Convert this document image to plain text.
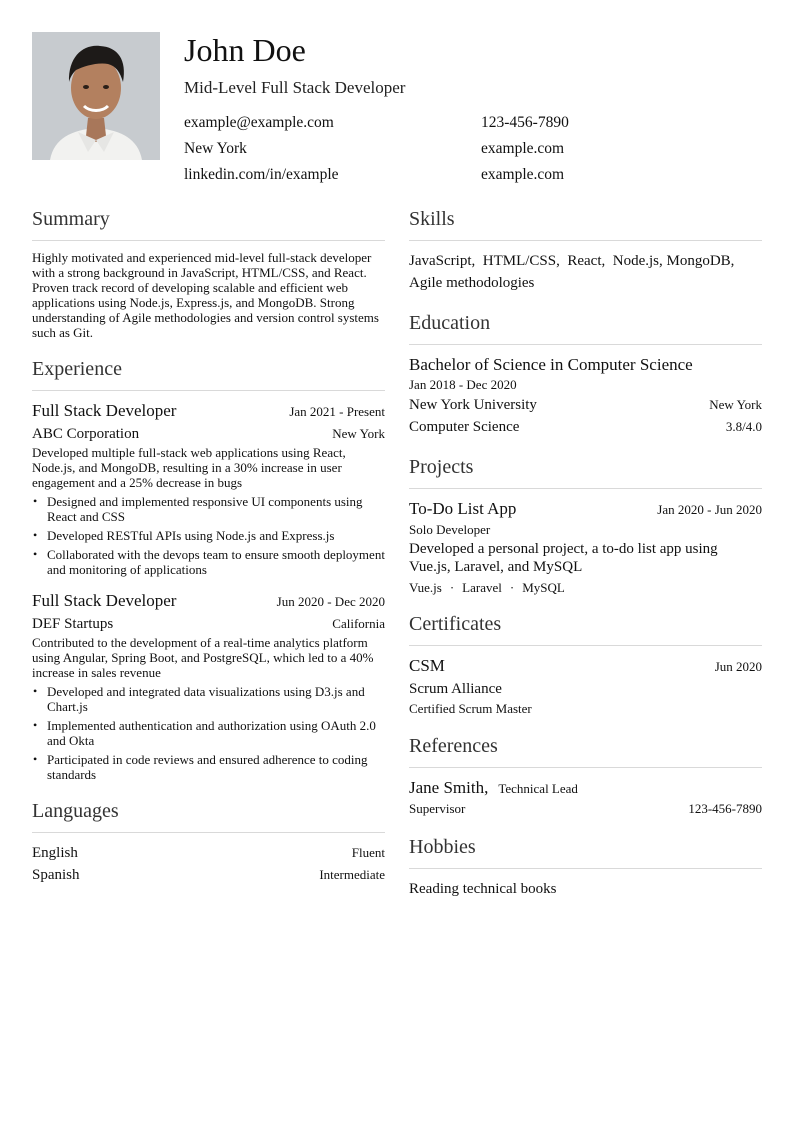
John Doe
Mid-Level Full Stack Developer
example@example.com	123-456-7890
New York	example.com
linkedin.com/in/example	example.com
Summary

Highly motivated and experienced mid-level full-stack developer with a strong background in JavaScript, HTML/CSS, and React. Proven track record of developing scalable and efficient web applications using Node.js, Express.js, and MongoDB. Strong understanding of Agile methodologies and version control systems such as Git.

Experience
Full Stack Developer	Jan 2021 - Present
ABC Corporation	New York

Developed multiple full-stack web applications using React, Node.js, and MongoDB, resulting in a 30% increase in user engagement and a 25% decrease in bugs

• Designed and implemented responsive UI components using React and CSS
• Developed RESTful APIs using Node.js and Express.js
• Collaborated with the devops team to ensure smooth deployment and monitoring of applications
Full Stack Developer	Jun 2020 - Dec 2020
DEF Startups	California

Contributed to the development of a real-time analytics platform using Angular, Spring Boot, and PostgreSQL, which led to a 40% increase in sales revenue

• Developed and integrated data visualizations using D3.js and Chart.js
• Implemented authentication and authorization using OAuth 2.0 and Okta
• Participated in code reviews and ensured adherence to coding standards
Languages
English	Fluent
Spanish	Intermediate
Skills
JavaScript, HTML/CSS, React, Node.js, MongoDB,  Agile methodologies
Education
Bachelor of Science in Computer Science
Jan 2018 - Dec 2020
New York University	New York
Computer Science	3.8/4.0
Projects
To-Do List App	Jan 2020 - Jun 2020
Solo Developer
Developed a personal project, a to-do list app using Vue.js, Laravel, and MySQL
Vue.js · Laravel · MySQL
Certificates
CSM	Jun 2020
Scrum Alliance
Certified Scrum Master
References
Jane Smith, Technical Lead
Supervisor	123-456-7890
Hobbies
Reading technical books
